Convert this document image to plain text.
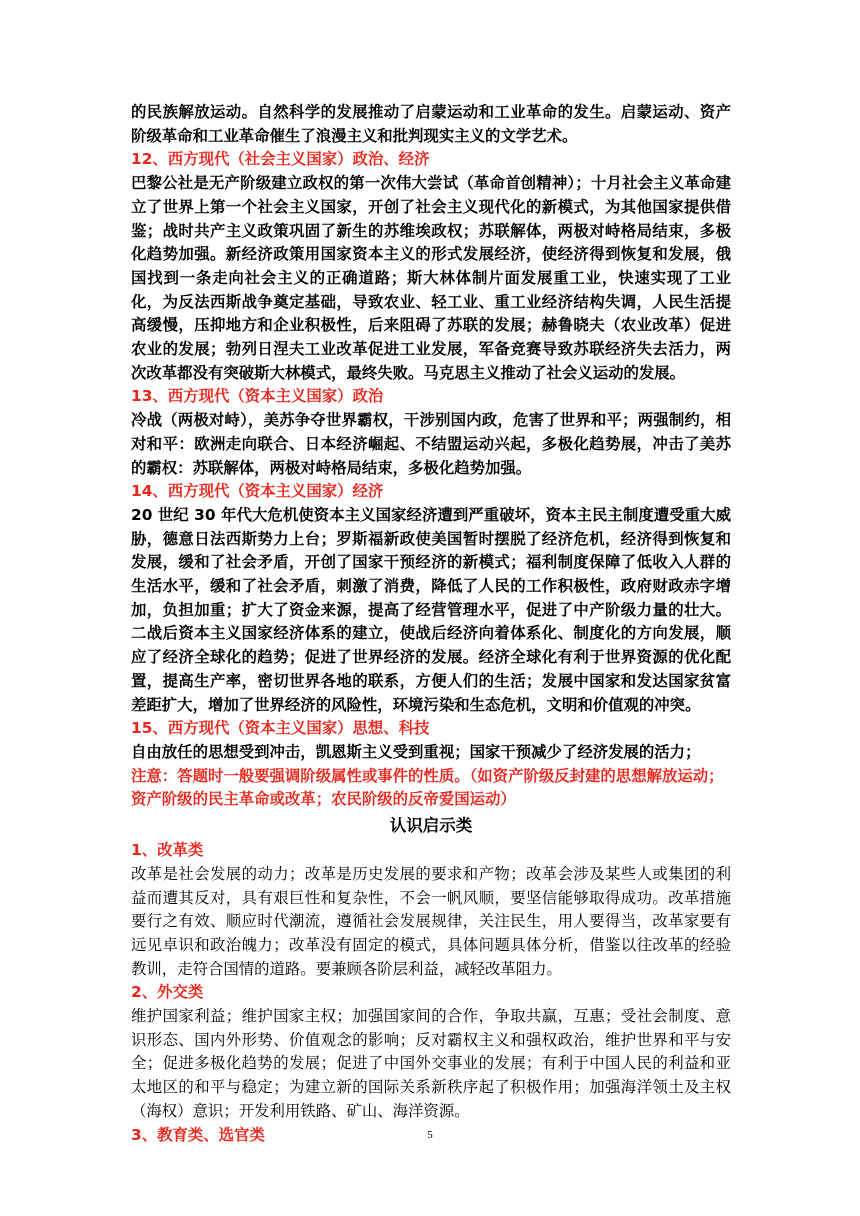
的民族解放运动。自然科学的发展推动了启蒙运动和工业革命的发生。启蒙运动、资产阶级革命和工业革命催生了浪漫主义和批判现实主义的文学艺术。

12、西方现代（社会主义国家）政治、经济

巴黎公社是无产阶级建立政权的第一次伟大尝试（革命首创精神）；十月社会主义革命建立了世界上第一个社会主义国家，开创了社会主义现代化的新模式，为其他国家提供借鉴；战时共产主义政策巩固了新生的苏维埃政权；苏联解体，两极对峙格局结束，多极化趋势加强。新经济政策用国家资本主义的形式发展经济，使经济得到恢复和发展，俄国找到一条走向社会主义的正确道路；斯大林体制片面发展重工业，快速实现了工业化，为反法西斯战争奠定基础，导致农业、轻工业、重工业经济结构失调，人民生活提高缓慢，压抑地方和企业积极性，后来阻碍了苏联的发展；赫鲁晓夫（农业改革）促进农业的发展；勃列日涅夫工业改革促进工业发展，军备竞赛导致苏联经济失去活力，两次改革都没有突破斯大林模式，最终失败。马克思主义推动了社会义运动的发展。

13、西方现代（资本主义国家）政治

冷战（两极对峙），美苏争夺世界霸权，干涉别国内政，危害了世界和平；两强制约，相对和平：欧洲走向联合、日本经济崛起、不结盟运动兴起，多极化趋势展，冲击了美苏的霸权：苏联解体，两极对峙格局结束，多极化趋势加强。

14、西方现代（资本主义国家）经济

20 世纪 30 年代大危机使资本主义国家经济遭到严重破坏，资本主民主制度遭受重大威胁，德意日法西斯势力上台；罗斯福新政使美国暂时摆脱了经济危机，经济得到恢复和发展，缓和了社会矛盾，开创了国家干预经济的新模式；福利制度保障了低收入人群的生活水平，缓和了社会矛盾，刺激了消费，降低了人民的工作积极性，政府财政赤字增加，负担加重；扩大了资金来源，提高了经营管理水平，促进了中产阶级力量的壮大。二战后资本主义国家经济体系的建立，使战后经济向着体系化、制度化的方向发展，顺应了经济全球化的趋势；促进了世界经济的发展。经济全球化有利于世界资源的优化配置，提高生产率，密切世界各地的联系，方便人们的生活；发展中国家和发达国家贫富差距扩大，增加了世界经济的风险性，环境污染和生态危机，文明和价值观的冲突。

15、西方现代（资本主义国家）思想、科技

自由放任的思想受到冲击，凯恩斯主义受到重视；国家干预减少了经济发展的活力；

注意：答题时一般要强调阶级属性或事件的性质。（如资产阶级反封建的思想解放运动；资产阶级的民主革命或改革；农民阶级的反帝爱国运动）

认识启示类

1、改革类

改革是社会发展的动力；改革是历史发展的要求和产物；改革会涉及某些人或集团的利益而遭其反对，具有艰巨性和复杂性，不会一帆风顺，要坚信能够取得成功。改革措施要行之有效、顺应时代潮流，遵循社会发展规律，关注民生，用人要得当，改革家要有远见卓识和政治魄力；改革没有固定的模式，具体问题具体分析，借鉴以往改革的经验教训，走符合国情的道路。要兼顾各阶层利益，减轻改革阻力。

2、外交类

维护国家利益；维护国家主权；加强国家间的合作，争取共赢，互惠；受社会制度、意识形态、国内外形势、价值观念的影响；反对霸权主义和强权政治，维护世界和平与安全；促进多极化趋势的发展；促进了中国外交事业的发展；有利于中国人民的利益和亚太地区的和平与稳定；为建立新的国际关系新秩序起了积极作用；加强海洋领土及主权（海权）意识；开发利用铁路、矿山、海洋资源。

3、教育类、选官类	5
